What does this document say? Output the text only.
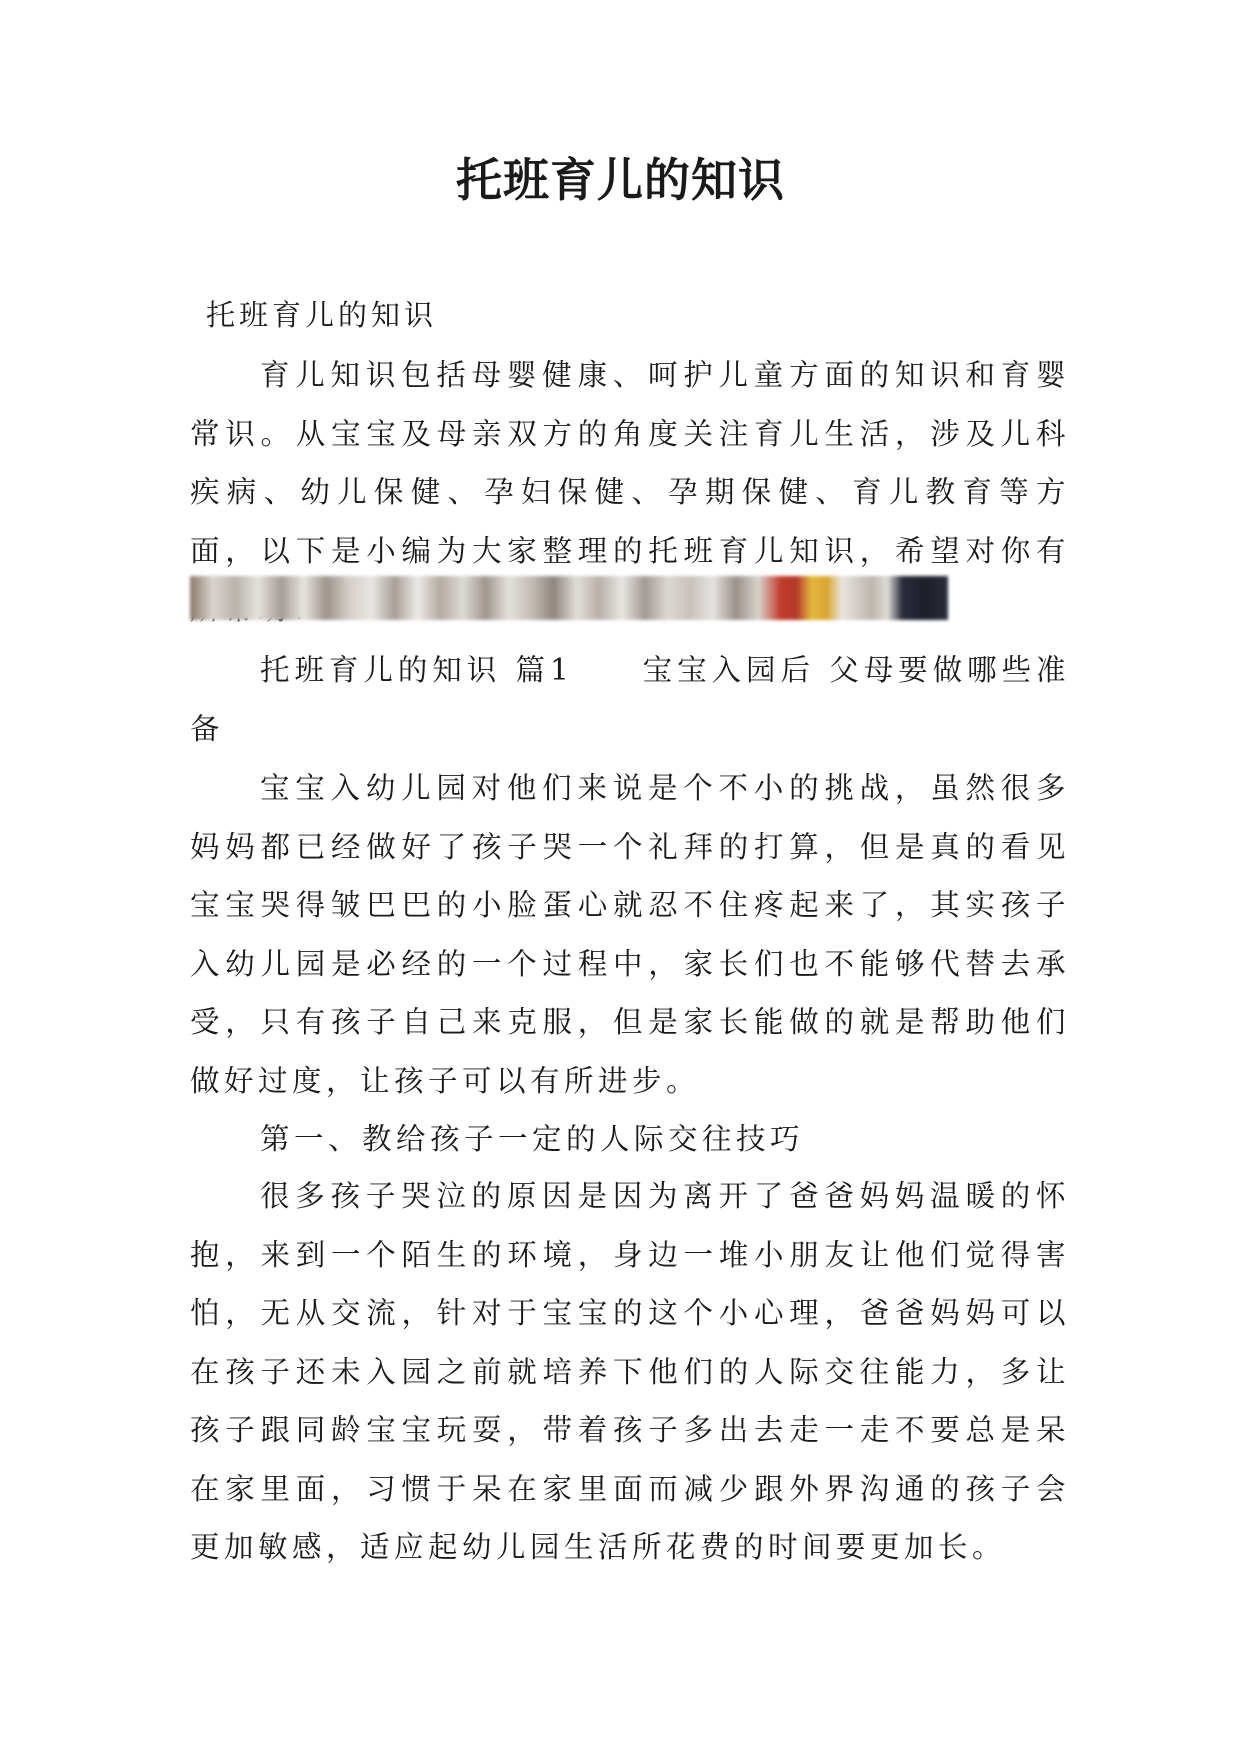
托班育儿的知识

托班育儿的知识

育儿知识包括母婴健康、呵护儿童方面的知识和育婴常识。从宝宝及母亲双方的角度关注育儿生活，涉及儿科疾病、幼儿保健、孕妇保健、孕期保健、育儿教育等方面，以下是小编为大家整理的托班育儿知识，希望对你有

托班育儿的知识 篇1　　宝宝入园后 父母要做哪些准备

宝宝入幼儿园对他们来说是个不小的挑战，虽然很多妈妈都已经做好了孩子哭一个礼拜的打算，但是真的看见宝宝哭得皱巴巴的小脸蛋心就忍不住疼起来了，其实孩子入幼儿园是必经的一个过程中，家长们也不能够代替去承受，只有孩子自己来克服，但是家长能做的就是帮助他们做好过度，让孩子可以有所进步。

第一、教给孩子一定的人际交往技巧

很多孩子哭泣的原因是因为离开了爸爸妈妈温暖的怀抱，来到一个陌生的环境，身边一堆小朋友让他们觉得害怕，无从交流，针对于宝宝的这个小心理，爸爸妈妈可以在孩子还未入园之前就培养下他们的人际交往能力，多让孩子跟同龄宝宝玩耍，带着孩子多出去走一走不要总是呆在家里面，习惯于呆在家里面而减少跟外界沟通的孩子会更加敏感，适应起幼儿园生活所花费的时间要更加长。
